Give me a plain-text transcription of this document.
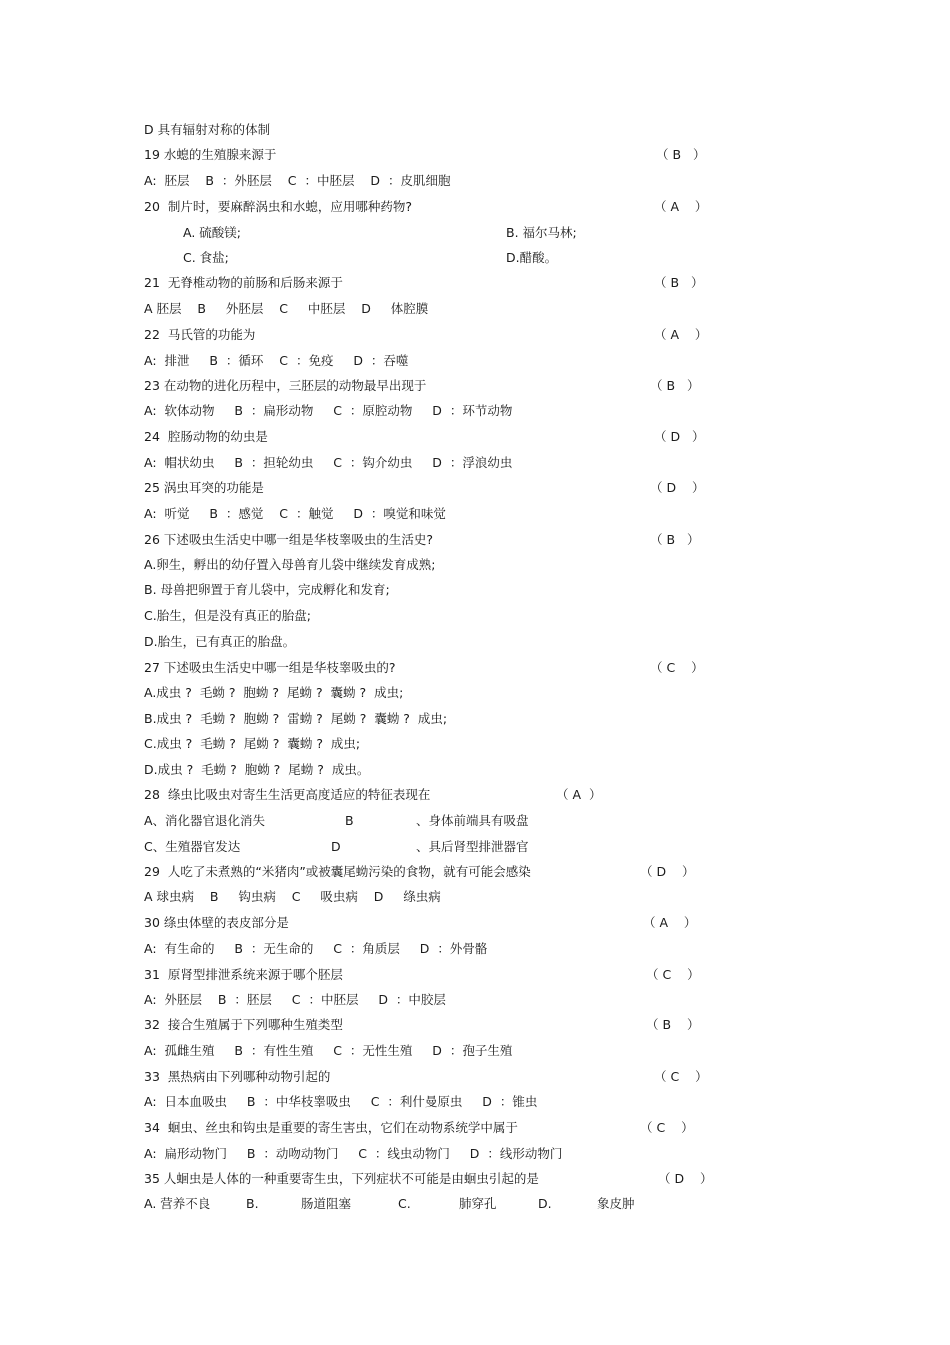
D 具有辐射对称的体制
19 水螅的生殖腺来源于	（ B   ）
A:  胚层    B  ：外胚层    C  ：中胚层    D  ：皮肌细胞
20  制片时，要麻醉涡虫和水螅，应用哪种药物?	（ A    ）
A. 硫酸镁;	B. 福尔马林;
C. 食盐;	D.醋酸。
21  无脊椎动物的前肠和后肠来源于	（ B   ）
A 胚层    B     外胚层    C     中胚层    D     体腔膜
22  马氏管的功能为	（ A    ）
A:  排泄     B  ：循环    C  ：免疫     D  ：吞噬
23 在动物的进化历程中，三胚层的动物最早出现于	（ B   ）
A:  软体动物     B  ：扁形动物     C  ：原腔动物     D  ：环节动物
24  腔肠动物的幼虫是	（ D   ）
A:  帽状幼虫     B  ：担轮幼虫     C  ：钩介幼虫     D  ：浮浪幼虫
25 涡虫耳突的功能是	（ D    ）
A:  听觉     B  ：感觉    C  ：触觉     D  ：嗅觉和味觉
26 下述吸虫生活史中哪一组是华枝睾吸虫的生活史?	（ B   ）
A.卵生，孵出的幼仔置入母兽育儿袋中继续发育成熟;
B. 母兽把卵置于育儿袋中，完成孵化和发育;
C.胎生，但是没有真正的胎盘;
D.胎生，已有真正的胎盘。
27 下述吸虫生活史中哪一组是华枝睾吸虫的?	（ C    ）
A.成虫 ?  毛蚴 ?  胞蚴 ?  尾蚴 ?  囊蚴 ?  成虫;
B.成虫 ?  毛蚴 ?  胞蚴 ?  雷蚴 ?  尾蚴 ?  囊蚴 ?  成虫;
C.成虫 ?  毛蚴 ?  尾蚴 ?  囊蚴 ?  成虫;
D.成虫 ?  毛蚴 ?  胞蚴 ?  尾蚴 ?  成虫。
28  绦虫比吸虫对寄生生活更高度适应的特征表现在	（ A  ）
A、消化器官退化消失	B	、身体前端具有吸盘
C、生殖器官发达	D	、具后肾型排泄器官
29  人吃了未煮熟的“米猪肉”或被囊尾蚴污染的食物，就有可能会感染	（ D    ）
A 球虫病    B     钩虫病    C     吸虫病    D     绦虫病
30 绦虫体壁的表皮部分是	（ A    ）
A:  有生命的     B  ：无生命的     C  ：角质层     D  ：外骨骼
31  原肾型排泄系统来源于哪个胚层	（ C    ）
A:  外胚层    B  ：胚层     C  ：中胚层     D  ：中胶层
32  接合生殖属于下列哪种生殖类型	（ B    ）
A:  孤雌生殖     B  ：有性生殖     C  ：无性生殖     D  ：孢子生殖
33  黑热病由下列哪种动物引起的	（ C    ）
A:  日本血吸虫     B  ：中华枝睾吸虫     C  ：利什曼原虫     D  ：锥虫
34  蛔虫、丝虫和钩虫是重要的寄生害虫，它们在动物系统学中属于	（ C    ）
A:  扁形动物门     B  ：动吻动物门     C  ：线虫动物门     D  ：线形动物门
35 人蛔虫是人体的一种重要寄生虫，下列症状不可能是由蛔虫引起的是	（ D    ）
A. 营养不良	B.	肠道阻塞	C.	肺穿孔	D.	象皮肿
